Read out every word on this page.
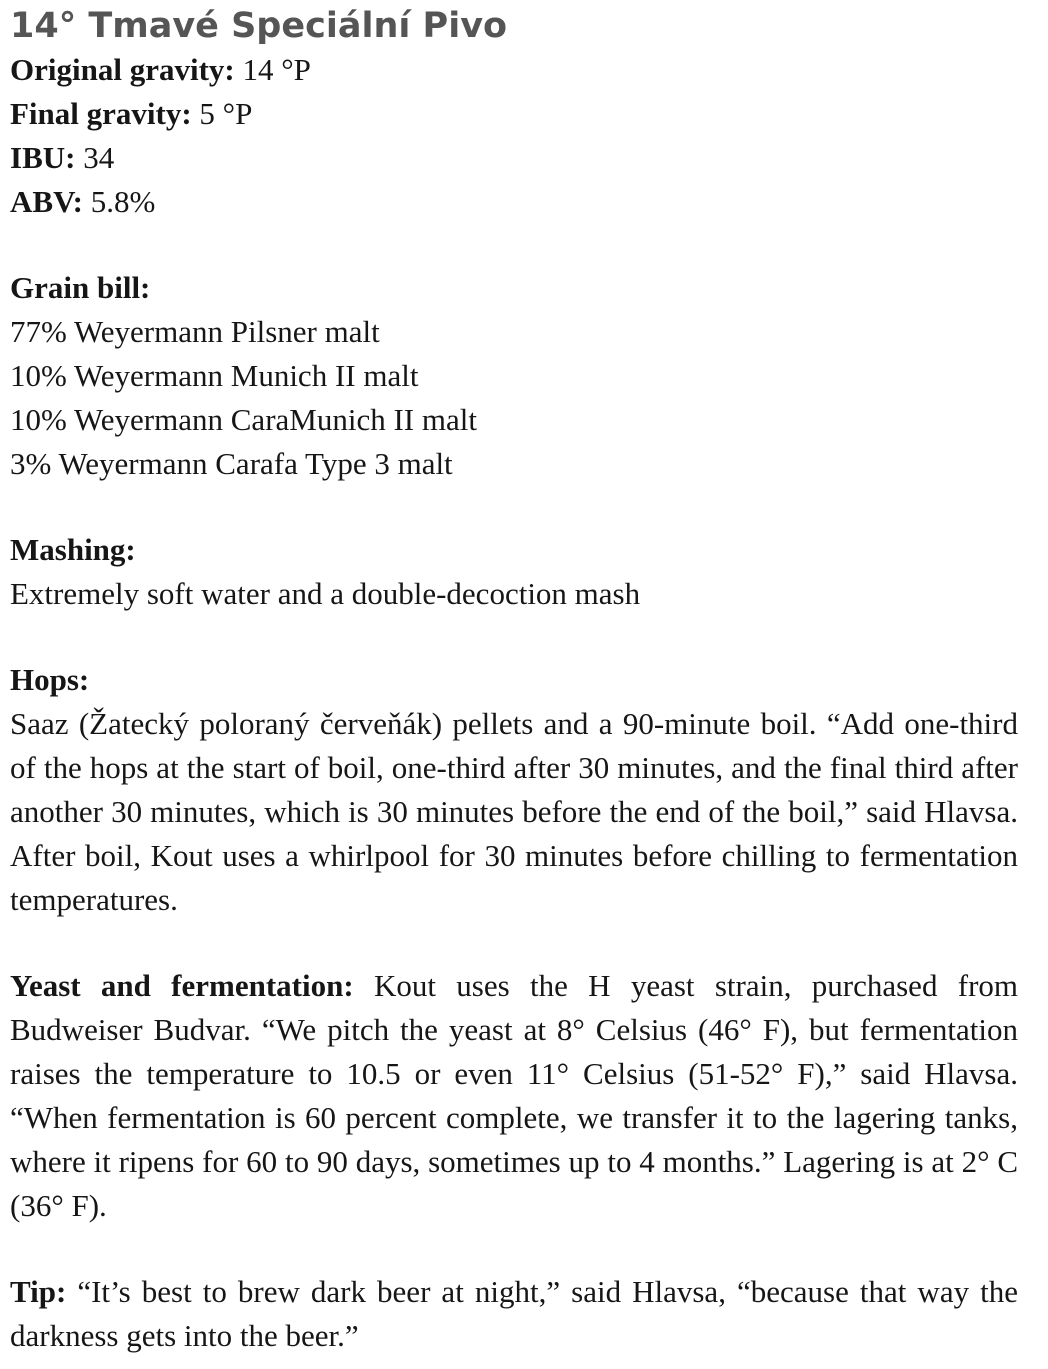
14° Tmavé Speciální Pivo

Original gravity: 14 °P

Final gravity: 5 °P

IBU: 34

ABV: 5.8%

Grain bill:

77% Weyermann Pilsner malt

10% Weyermann Munich II malt

10% Weyermann CaraMunich II malt

3% Weyermann Carafa Type 3 malt

Mashing:

Extremely soft water and a double-decoction mash

Hops:

Saaz (Žatecký poloraný červeňák) pellets and a 90-minute boil. “Add one-third of the hops at the start of boil, one-third after 30 minutes, and the final third after another 30 minutes, which is 30 minutes before the end of the boil,” said Hlavsa. After boil, Kout uses a whirlpool for 30 minutes before chilling to fermentation temperatures.

Yeast and fermentation: Kout uses the H yeast strain, purchased from Budweiser Budvar. “We pitch the yeast at 8° Celsius (46° F), but fermentation raises the temperature to 10.5 or even 11° Celsius (51-52° F),” said Hlavsa. “When fermentation is 60 percent complete, we transfer it to the lagering tanks, where it ripens for 60 to 90 days, sometimes up to 4 months.” Lagering is at 2° C (36° F).

Tip: “It’s best to brew dark beer at night,” said Hlavsa, “because that way the darkness gets into the beer.”
